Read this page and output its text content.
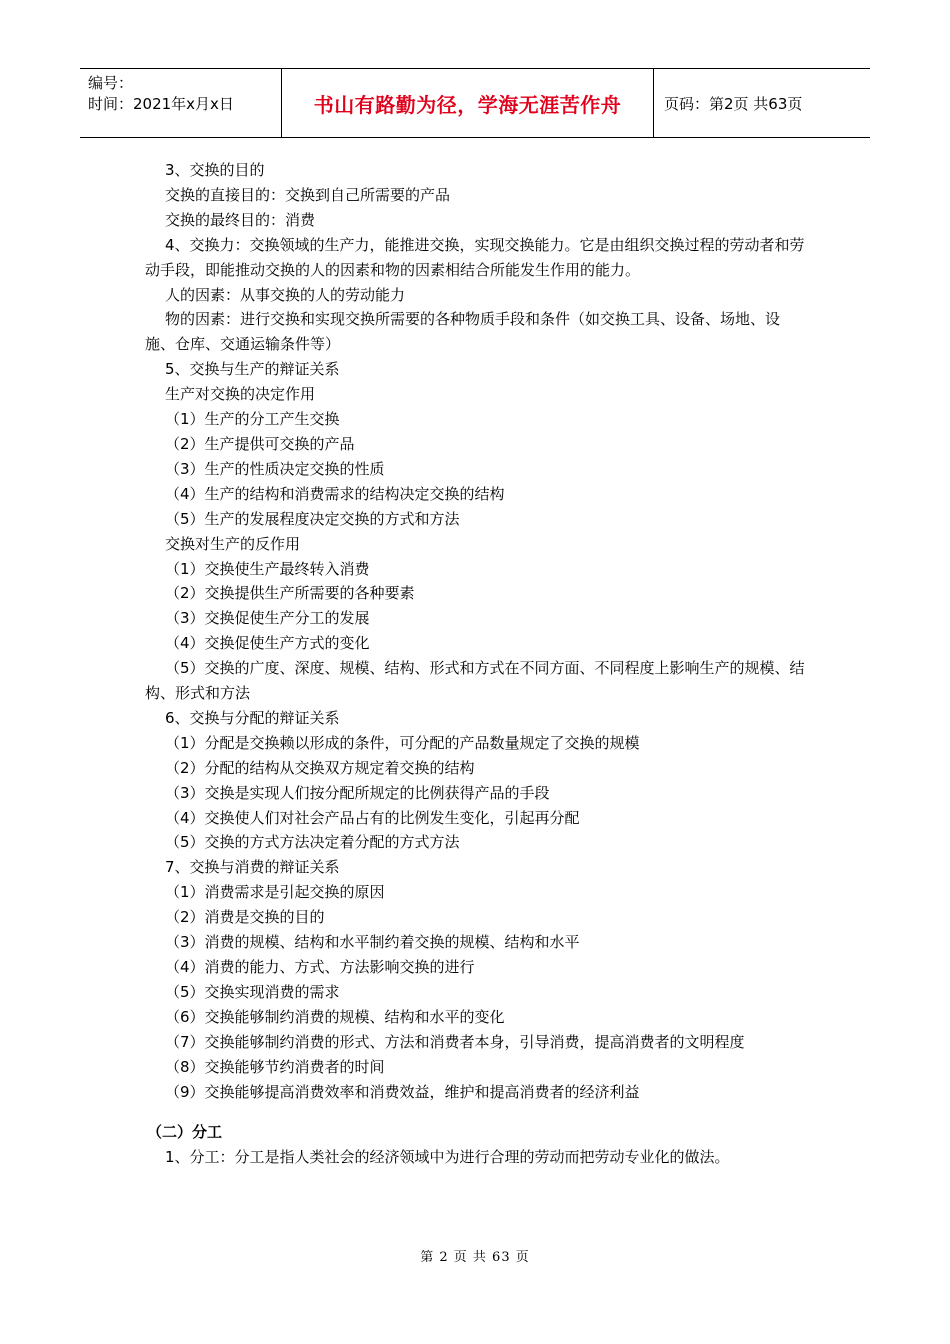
编号：
时间：2021年x月x日	书山有路勤为径，学海无涯苦作舟	页码：第2页 共63页

3、交换的目的

交换的直接目的：交换到自己所需要的产品

交换的最终目的：消费

4、交换力：交换领域的生产力，能推进交换，实现交换能力。它是由组织交换过程的劳动者和劳动手段，即能推动交换的人的因素和物的因素相结合所能发生作用的能力。

人的因素：从事交换的人的劳动能力

物的因素：进行交换和实现交换所需要的各种物质手段和条件（如交换工具、设备、场地、设施、仓库、交通运输条件等）

5、交换与生产的辩证关系

生产对交换的决定作用

（1）生产的分工产生交换

（2）生产提供可交换的产品

（3）生产的性质决定交换的性质

（4）生产的结构和消费需求的结构决定交换的结构

（5）生产的发展程度决定交换的方式和方法

交换对生产的反作用

（1）交换使生产最终转入消费

（2）交换提供生产所需要的各种要素

（3）交换促使生产分工的发展

（4）交换促使生产方式的变化

（5）交换的广度、深度、规模、结构、形式和方式在不同方面、不同程度上影响生产的规模、结构、形式和方法

6、交换与分配的辩证关系

（1）分配是交换赖以形成的条件，可分配的产品数量规定了交换的规模

（2）分配的结构从交换双方规定着交换的结构

（3）交换是实现人们按分配所规定的比例获得产品的手段

（4）交换使人们对社会产品占有的比例发生变化，引起再分配

（5）交换的方式方法决定着分配的方式方法

7、交换与消费的辩证关系

（1）消费需求是引起交换的原因

（2）消费是交换的目的

（3）消费的规模、结构和水平制约着交换的规模、结构和水平

（4）消费的能力、方式、方法影响交换的进行

（5）交换实现消费的需求

（6）交换能够制约消费的规模、结构和水平的变化

（7）交换能够制约消费的形式、方法和消费者本身，引导消费，提高消费者的文明程度

（8）交换能够节约消费者的时间

（9）交换能够提高消费效率和消费效益，维护和提高消费者的经济利益

（二）分工

1、分工：分工是指人类社会的经济领域中为进行合理的劳动而把劳动专业化的做法。

第 2 页 共 63 页
